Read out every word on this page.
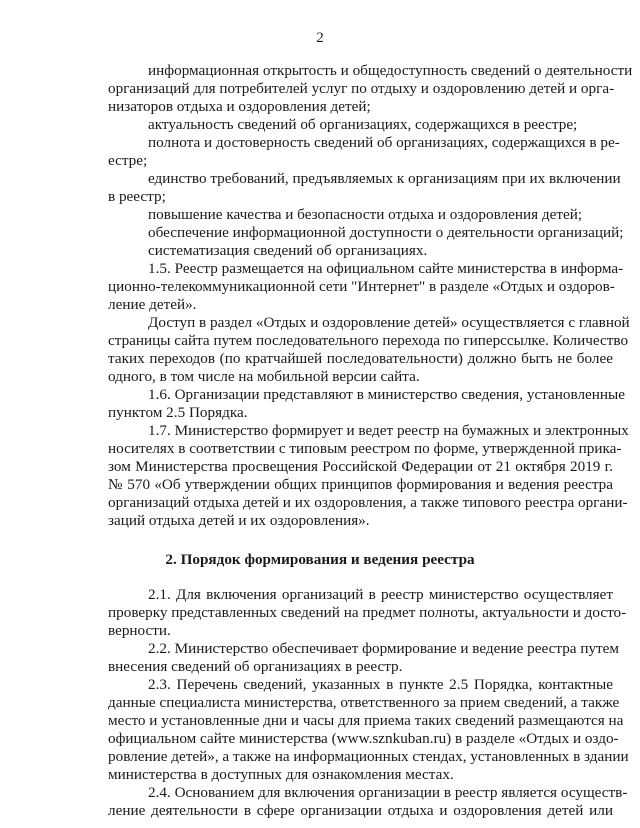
2
информационная открытость и общедоступность сведений о деятельности
организаций для потребителей услуг по отдыху и оздоровлению детей и орга-
низаторов отдыха и оздоровления детей;
актуальность сведений об организациях, содержащихся в реестре;
полнота и достоверность сведений об организациях, содержащихся в ре-
естре;
единство требований, предъявляемых к организациям при их включении
в реестр;
повышение качества и безопасности отдыха и оздоровления детей;
обеспечение информационной доступности о деятельности организаций;
систематизация сведений об организациях.
1.5. Реестр размещается на официальном сайте министерства в информа-
ционно-телекоммуникационной сети "Интернет" в разделе «Отдых и оздоров-
ление детей».
Доступ в раздел «Отдых и оздоровление детей» осуществляется с главной
страницы сайта путем последовательного перехода по гиперссылке. Количество
таких переходов (по кратчайшей последовательности) должно быть не более
одного, в том числе на мобильной версии сайта.
1.6. Организации представляют в министерство сведения, установленные
пунктом 2.5 Порядка.
1.7. Министерство формирует и ведет реестр на бумажных и электронных
носителях в соответствии с типовым реестром по форме, утвержденной прика-
зом Министерства просвещения Российской Федерации от 21 октября 2019 г.
№ 570 «Об утверждении общих принципов формирования и ведения реестра
организаций отдыха детей и их оздоровления, а также типового реестра органи-
заций отдыха детей и их оздоровления».
2. Порядок формирования и ведения реестра
2.1. Для включения организаций в реестр министерство осуществляет
проверку представленных сведений на предмет полноты, актуальности и досто-
верности.
2.2. Министерство обеспечивает формирование и ведение реестра путем
внесения сведений об организациях в реестр.
2.3. Перечень сведений, указанных в пункте 2.5 Порядка, контактные
данные специалиста министерства, ответственного за прием сведений, а также
место и установленные дни и часы для приема таких сведений размещаются на
официальном сайте министерства (www.sznkuban.ru) в разделе «Отдых и оздо-
ровление детей», а также на информационных стендах, установленных в здании
министерства в доступных для ознакомления местах.
2.4. Основанием для включения организации в реестр является осуществ-
ление деятельности в сфере организации отдыха и оздоровления детей или
